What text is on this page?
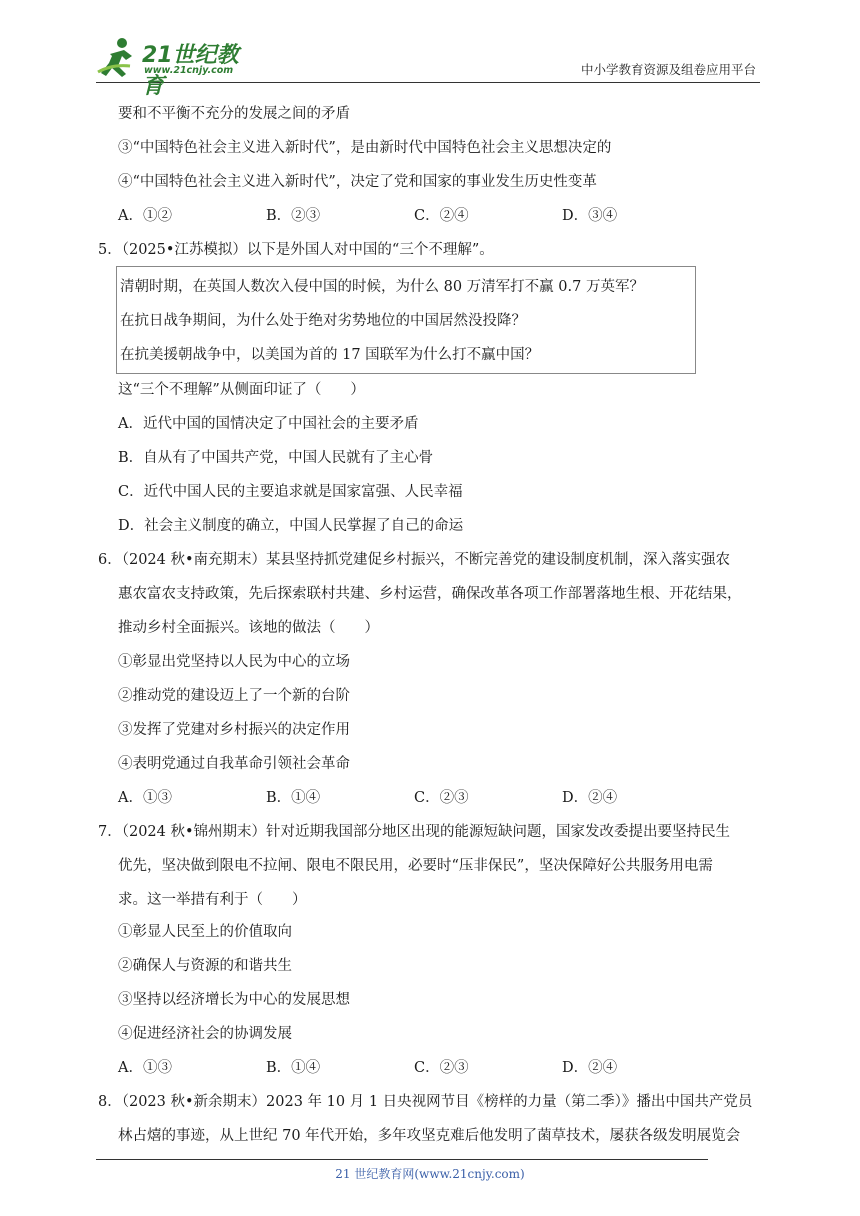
21世纪教育
www.21cnjy.com	中小学教育资源及组卷应用平台
要和不平衡不充分的发展之间的矛盾
③“中国特色社会主义进入新时代”，是由新时代中国特色社会主义思想决定的
④“中国特色社会主义进入新时代”，决定了党和国家的事业发生历史性变革
A．①②	B．②③	C．②④	D．③④
5．（2025•江苏模拟）以下是外国人对中国的“三个不理解”。
清朝时期，在英国人数次入侵中国的时候，为什么 80 万清军打不赢 0.7 万英军？
在抗日战争期间，为什么处于绝对劣势地位的中国居然没投降？
在抗美援朝战争中，以美国为首的 17 国联军为什么打不赢中国？
这“三个不理解”从侧面印证了（　　）
A．近代中国的国情决定了中国社会的主要矛盾
B．自从有了中国共产党，中国人民就有了主心骨
C．近代中国人民的主要追求就是国家富强、人民幸福
D．社会主义制度的确立，中国人民掌握了自己的命运
6．（2024 秋•南充期末）某县坚持抓党建促乡村振兴，不断完善党的建设制度机制，深入落实强农
惠农富农支持政策，先后探索联村共建、乡村运营，确保改革各项工作部署落地生根、开花结果，
推动乡村全面振兴。该地的做法（　　）
①彰显出党坚持以人民为中心的立场
②推动党的建设迈上了一个新的台阶
③发挥了党建对乡村振兴的决定作用
④表明党通过自我革命引领社会革命
A．①③	B．①④	C．②③	D．②④
7．（2024 秋•锦州期末）针对近期我国部分地区出现的能源短缺问题，国家发改委提出要坚持民生
优先，坚决做到限电不拉闸、限电不限民用，必要时“压非保民”，坚决保障好公共服务用电需
求。这一举措有利于（　　）
①彰显人民至上的价值取向
②确保人与资源的和谐共生
③坚持以经济增长为中心的发展思想
④促进经济社会的协调发展
A．①③	B．①④	C．②③	D．②④
8．（2023 秋•新余期末）2023 年 10 月 1 日央视网节目《榜样的力量（第二季）》播出中国共产党员
林占熺的事迹，从上世纪 70 年代开始，多年攻坚克难后他发明了菌草技术，屡获各级发明展览会
21 世纪教育网(www.21cnjy.com)
